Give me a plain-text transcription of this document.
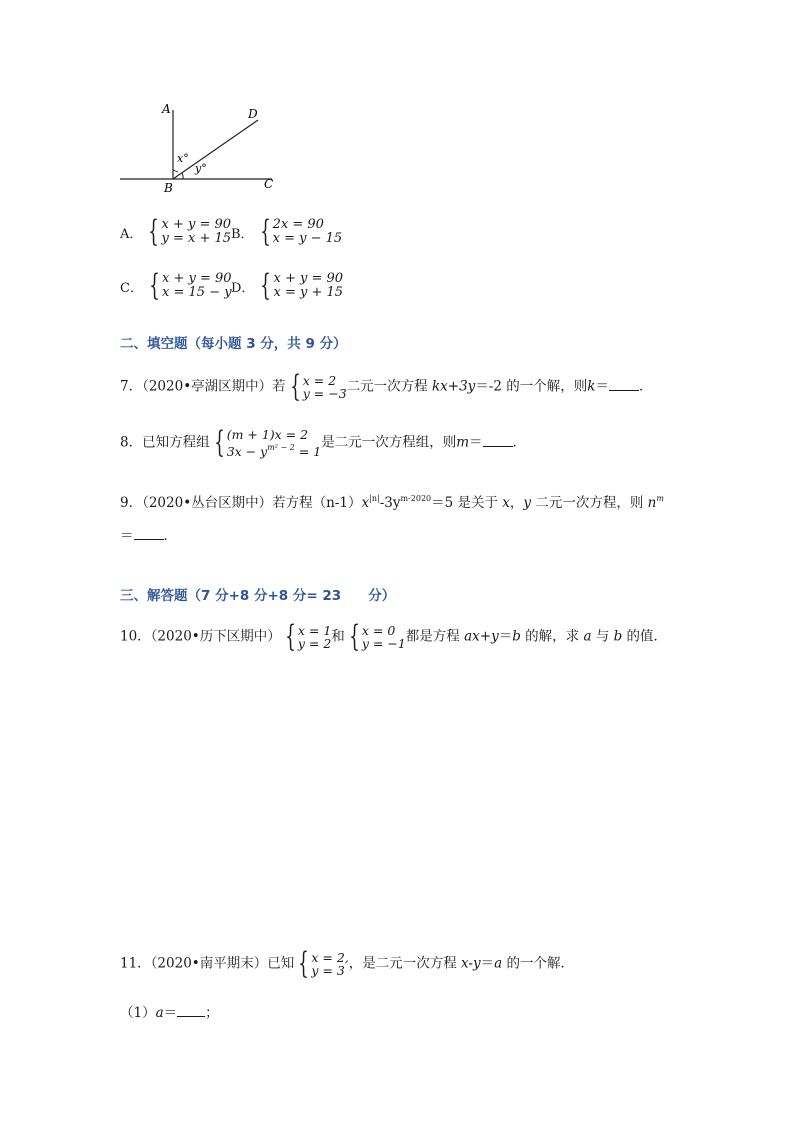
A	D
x°
y°
B	C
A． { x + y = 90
y = x + 15 B． { 2x = 90
x = y − 15
C． { x + y = 90
x = 15 − y D． { x + y = 90
x = y + 15
二、填空题（每小题 3 分，共 9 分）
7．（2020•亭湖区期中）若 { x = 2
y = −3 二元一次方程 kx+3y＝-2 的一个解，则k＝ ．
8．已知方程组 { (m + 1)x = 2
$3x - y^{m^2 - 2} = 1$
是二元一次方程组，则m＝ ．
9．（2020•丛台区期中）若方程$(n-1)x^{|n|}-3y^{m-2020}=5$ 是关于 x，y 二元一次方程，则 $n^m$
＝ ．
三、解答题（7 分+8 分+8 分= 23　　分）
10．（2020•历下区期中） { x = 1
y = 2 和 { x = 0
y = −1 都是方程 ax+y＝b 的解，求 a 与 b 的值．
11．（2020•南平期末）已知 { x = 2,
y = 3 ，是二元一次方程 x-y＝a 的一个解．
（1）a＝ ；
